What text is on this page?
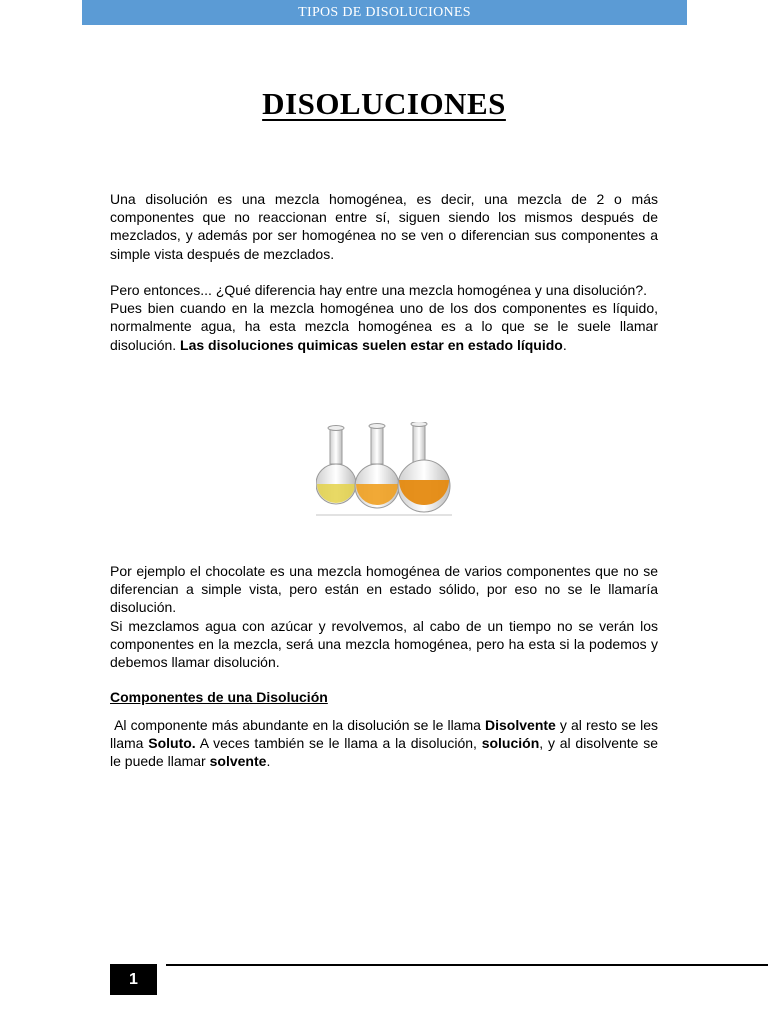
TIPOS DE DISOLUCIONES
DISOLUCIONES

Una disolución es una mezcla homogénea, es decir, una mezcla de 2 o más componentes que no reaccionan entre sí, siguen siendo los mismos después de mezclados, y además por ser homogénea no se ven o diferencian sus componentes a simple vista después de mezclados.

Pero entonces... ¿Qué diferencia hay entre una mezcla homogénea y una disolución?.
Pues bien cuando en la mezcla homogénea uno de los dos componentes es líquido, normalmente agua, ha esta mezcla homogénea es a lo que se le suele llamar disolución. Las disoluciones quimicas suelen estar en estado líquido.

Por ejemplo el chocolate es una mezcla homogénea de varios componentes que no se diferencian a simple vista, pero están en estado sólido, por eso no se le llamaría disolución.
Si mezclamos agua con azúcar y revolvemos, al cabo de un tiempo no se verán los componentes en la mezcla, será una mezcla homogénea, pero ha esta si la podemos y debemos llamar disolución.

Componentes de una Disolución

Al componente más abundante en la disolución se le llama Disolvente y al resto se les llama Soluto. A veces también se le llama a la disolución, solución, y al disolvente se le puede llamar solvente.

1
